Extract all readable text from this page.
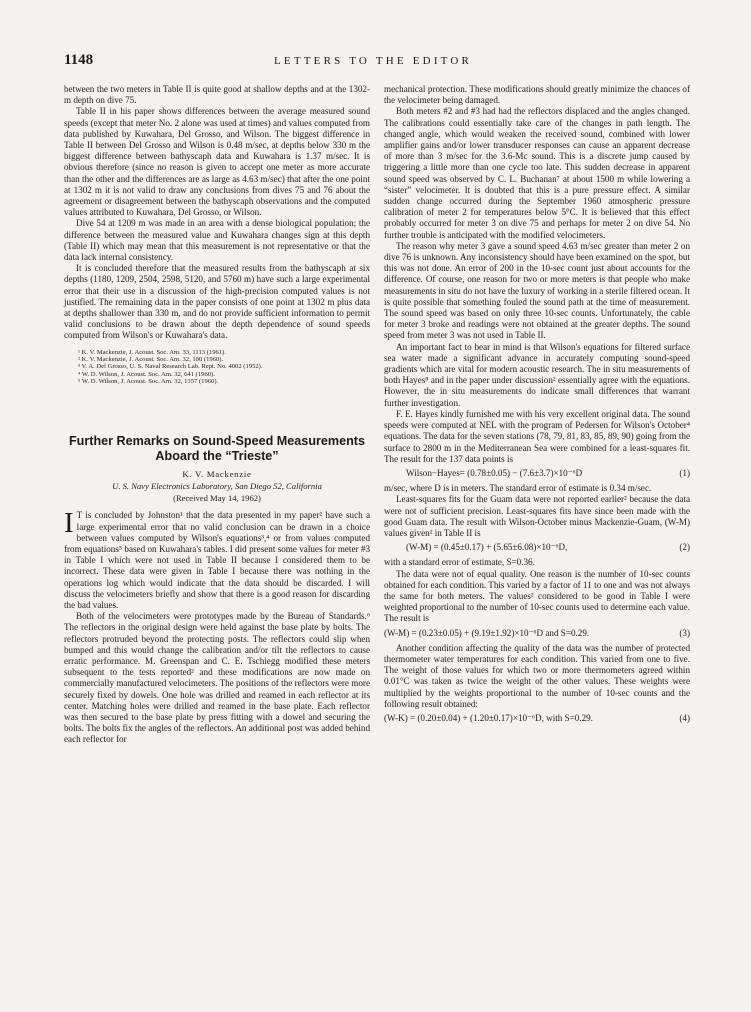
1148	LETTERS TO THE EDITOR

between the two meters in Table II is quite good at shallow depths and at the 1302-m depth on dive 75.

Table II in his paper shows differences between the average measured sound speeds (except that meter No. 2 alone was used at times) and values computed from data published by Kuwahara, Del Grosso, and Wilson. The biggest difference in Table II between Del Grosso and Wilson is 0.48 m/sec, at depths below 330 m the biggest difference between bathyscaph data and Kuwahara is 1.37 m/sec. It is obvious therefore (since no reason is given to accept one meter as more accurate than the other and the differences are as large as 4.63 m/sec) that after the one point at 1302 m it is not valid to draw any conclusions from dives 75 and 76 about the agreement or disagreement between the bathyscaph observations and the computed values attributed to Kuwahara, Del Grosso, or Wilson.

Dive 54 at 1209 m was made in an area with a dense biological population; the difference between the measured value and Kuwahara changes sign at this depth (Table II) which may mean that this measurement is not representative or that the data lack internal consistency.

It is concluded therefore that the measured results from the bathyscaph at six depths (1180, 1209, 2504, 2598, 5120, and 5760 m) have such a large experimental error that their use in a discussion of the high-precision computed values is not justified. The remaining data in the paper consists of one point at 1302 m plus data at depths shallower than 330 m, and do not provide sufficient information to permit valid conclusions to be drawn about the depth dependence of sound speeds computed from Wilson's or Kuwahara's data.

¹ K. V. Mackenzie, J. Acoust. Soc. Am. 33, 1113 (1961).
² K. V. Mackenzie, J. Acoust. Soc. Am. 32, 100 (1960).
³ V. A. Del Grosso, U. S. Naval Research Lab. Rept. No. 4002 (1952).
⁴ W. D. Wilson, J. Acoust. Soc. Am. 32, 641 (1960).
⁵ W. D. Wilson, J. Acoust. Soc. Am. 32, 1357 (1960).
Further Remarks on Sound-Speed Measurements
Aboard the “Trieste”
K. V. Mackenzie
U. S. Navy Electronics Laboratory, San Diego 52, California
(Received May 14, 1962)

I T is concluded by Johnston¹ that the data presented in my paper² have such a large experimental error that no valid conclusion can be drawn in a choice between values computed by Wilson's equations³,⁴ or from values computed from equations⁵ based on Kuwahara's tables. I did present some values for meter #3 in Table I which were not used in Table II because I considered them to be incorrect. These data were given in Table I because there was nothing in the operations log which would indicate that the data should be discarded. I will discuss the velocimeters briefly and show that there is a good reason for discarding the bad values.

Both of the velocimeters were prototypes made by the Bureau of Standards.⁶ The reflectors in the original design were held against the base plate by bolts. The reflectors protruded beyond the protecting posts. The reflectors could slip when bumped and this would change the calibration and/or tilt the reflectors to cause erratic performance. M. Greenspan and C. E. Tschiegg modified these meters subsequent to the tests reported² and these modifications are now made on commercially manufactured velocimeters. The positions of the reflectors were more securely fixed by dowels. One hole was drilled and reamed in each reflector at its center. Matching holes were drilled and reamed in the base plate. Each reflector was then secured to the base plate by press fitting with a dowel and securing the bolts. The bolts fix the angles of the reflectors. An additional post was added behind each reflector for

mechanical protection. These modifications should greatly minimize the chances of the velocimeter being damaged.

Both meters #2 and #3 had had the reflectors displaced and the angles changed. The calibrations could essentially take care of the changes in path length. The changed angle, which would weaken the received sound, combined with lower amplifier gains and/or lower transducer responses can cause an apparent decrease of more than 3 m/sec for the 3.6-Mc sound. This is a discrete jump caused by triggering a little more than one cycle too late. This sudden decrease in apparent sound speed was observed by C. L. Buchanan⁷ at about 1500 m while lowering a “sister” velocimeter. It is doubted that this is a pure pressure effect. A similar sudden change occurred during the September 1960 atmospheric pressure calibration of meter 2 for temperatures below 5°C. It is believed that this effect probably occurred for meter 3 on dive 75 and perhaps for meter 2 on dive 54. No further trouble is anticipated with the modified velocimeters.

The reason why meter 3 gave a sound speed 4.63 m/sec greater than meter 2 on dive 76 is unknown. Any inconsistency should have been examined on the spot, but this was not done. An error of 200 in the 10-sec count just about accounts for the difference. Of course, one reason for two or more meters is that people who make measurements in situ do not have the luxury of working in a sterile filtered ocean. It is quite possible that something fouled the sound path at the time of measurement. The sound speed was based on only three 10-sec counts. Unfortunately, the cable for meter 3 broke and readings were not obtained at the greater depths. The sound speed from meter 3 was not used in Table II.

An important fact to bear in mind is that Wilson's equations for filtered surface sea water made a significant advance in accurately computing sound-speed gradients which are vital for modern acoustic research. The in situ measurements of both Hayes⁸ and in the paper under discussion² essentially agree with the equations. However, the in situ measurements do indicate small differences that warrant further investigation.

F. E. Hayes kindly furnished me with his very excellent original data. The sound speeds were computed at NEL with the program of Pedersen for Wilson's October⁴ equations. The data for the seven stations (78, 79, 81, 83, 85, 89, 90) going from the surface to 2800 m in the Mediterranean Sea were combined for a least-squares fit. The result for the 137 data points is

Wilson−Hayes= (0.78±0.05) − (7.6±3.7)×10⁻⁶D	(1)

m/sec, where D is in meters. The standard error of estimate is 0.34 m/sec.

Least-squares fits for the Guam data were not reported earlier² because the data were not of sufficient precision. Least-squares fits have since been made with the good Guam data. The result with Wilson-October minus Mackenzie-Guam, (W-M) values given² in Table II is

(W-M) = (0.45±0.17) + (5.65±6.08)×10⁻⁶D,	(2)

with a standard error of estimate, S=0.36.

The data were not of equal quality. One reason is the number of 10-sec counts obtained for each condition. This varied by a factor of 11 to one and was not always the same for both meters. The values² considered to be good in Table I were weighted proportional to the number of 10-sec counts used to determine each value. The result is

(W-M) = (0.23±0.05) + (9.19±1.92)×10⁻⁶D and S=0.29.	(3)

Another condition affecting the quality of the data was the number of protected thermometer water temperatures for each condition. This varied from one to five. The weight of those values for which two or more thermometers agreed within 0.01°C was taken as twice the weight of the other values. These weights were multiplied by the weights proportional to the number of 10-sec counts and the following result obtained:

(W-K) = (0.20±0.04) + (1.20±0.17)×10⁻⁶D, with S=0.29.	(4)
